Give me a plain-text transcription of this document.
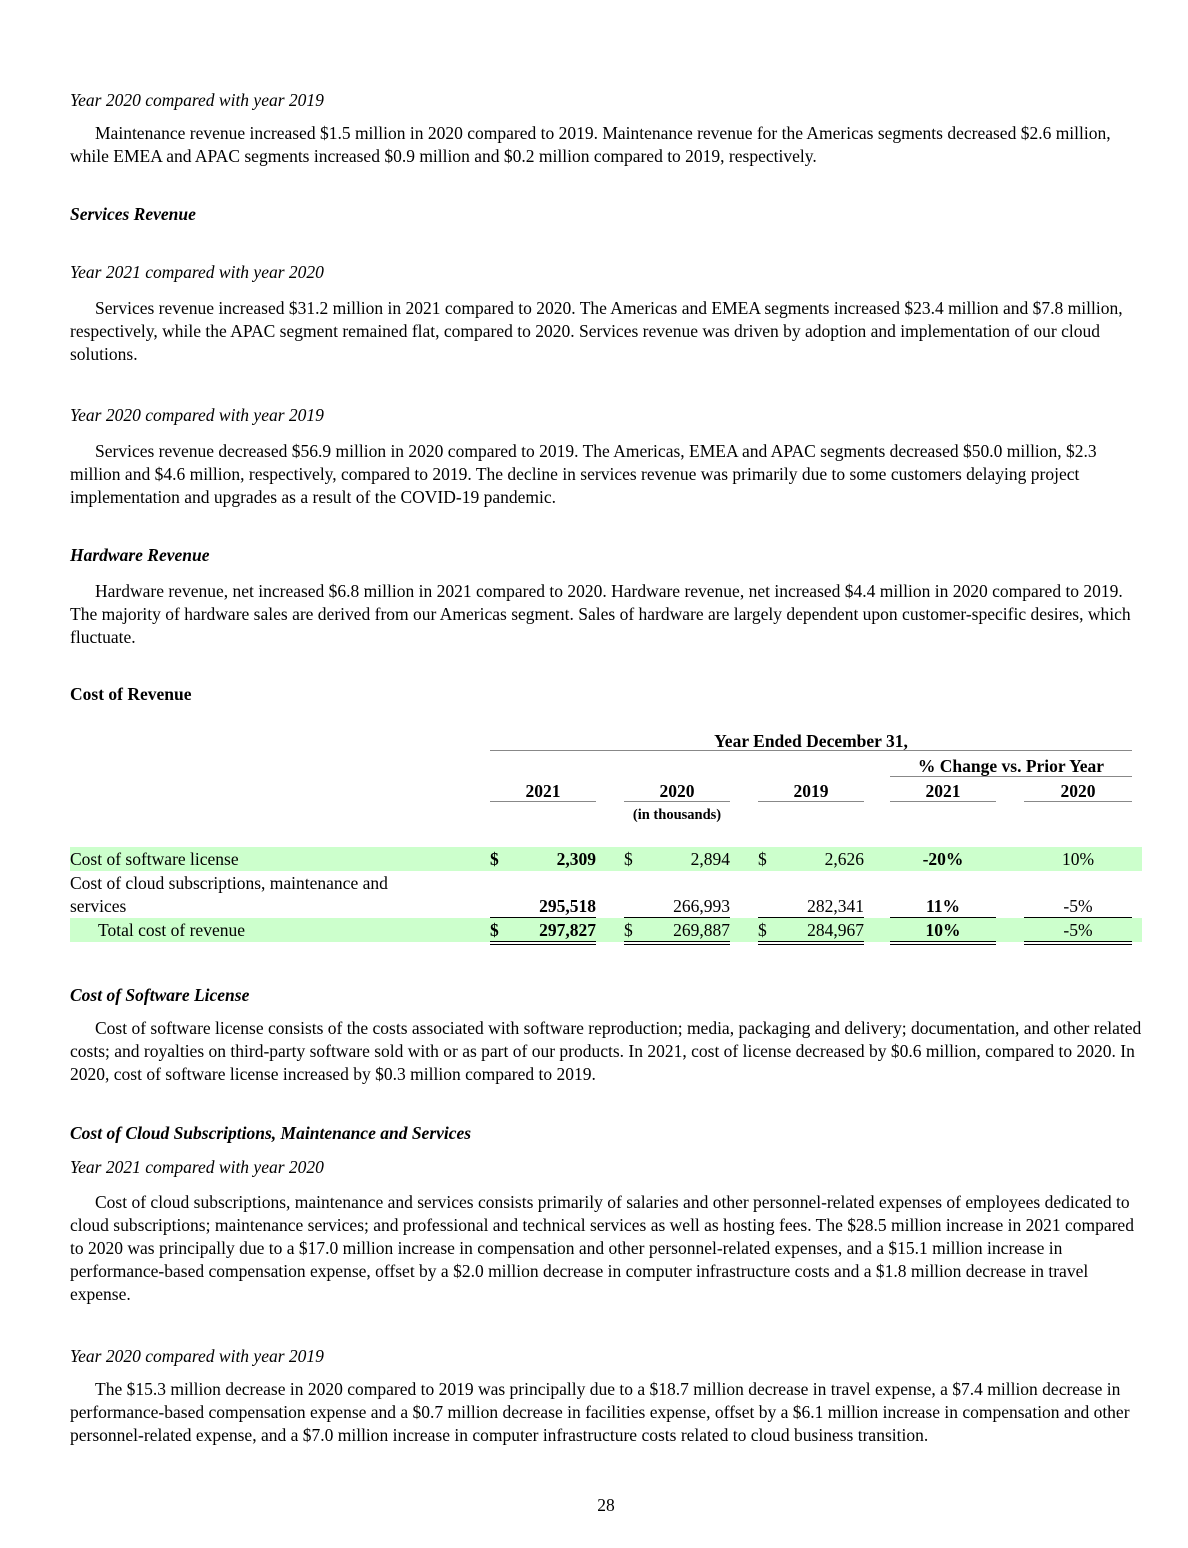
Year 2020 compared with year 2019
Maintenance revenue increased $1.5 million in 2020 compared to 2019. Maintenance revenue for the Americas segments decreased $2.6 million, while EMEA and APAC segments increased $0.9 million and $0.2 million compared to 2019, respectively.
Services Revenue
Year 2021 compared with year 2020
Services revenue increased $31.2 million in 2021 compared to 2020. The Americas and EMEA segments increased $23.4 million and $7.8 million, respectively, while the APAC segment remained flat, compared to 2020. Services revenue was driven by adoption and implementation of our cloud solutions.
Year 2020 compared with year 2019
Services revenue decreased $56.9 million in 2020 compared to 2019. The Americas, EMEA and APAC segments decreased $50.0 million, $2.3 million and $4.6 million, respectively, compared to 2019. The decline in services revenue was primarily due to some customers delaying project implementation and upgrades as a result of the COVID-19 pandemic.
Hardware Revenue
Hardware revenue, net increased $6.8 million in 2021 compared to 2020. Hardware revenue, net increased $4.4 million in 2020 compared to 2019. The majority of hardware sales are derived from our Americas segment. Sales of hardware are largely dependent upon customer-specific desires, which fluctuate.
Cost of Revenue
Year Ended December 31,
% Change vs. Prior Year
2021	2020	2019	2021	2020
(in thousands)
Cost of software license	$	2,309 $	2,894 $	2,626	-20%	10%
Cost of cloud subscriptions, maintenance and
services	295,518	266,993	282,341	11%	-5%
Total cost of revenue	$	297,827 $	269,887 $	284,967	10%	-5%
Cost of Software License
Cost of software license consists of the costs associated with software reproduction; media, packaging and delivery; documentation, and other related costs; and royalties on third-party software sold with or as part of our products. In 2021, cost of license decreased by $0.6 million, compared to 2020. In 2020, cost of software license increased by $0.3 million compared to 2019.
Cost of Cloud Subscriptions, Maintenance and Services
Year 2021 compared with year 2020
Cost of cloud subscriptions, maintenance and services consists primarily of salaries and other personnel-related expenses of employees dedicated to cloud subscriptions; maintenance services; and professional and technical services as well as hosting fees. The $28.5 million increase in 2021 compared to 2020 was principally due to a $17.0 million increase in compensation and other personnel-related expenses, and a $15.1 million increase in performance-based compensation expense, offset by a $2.0 million decrease in computer infrastructure costs and a $1.8 million decrease in travel expense.
Year 2020 compared with year 2019
The $15.3 million decrease in 2020 compared to 2019 was principally due to a $18.7 million decrease in travel expense, a $7.4 million decrease in performance-based compensation expense and a $0.7 million decrease in facilities expense, offset by a $6.1 million increase in compensation and other personnel-related expense, and a $7.0 million increase in computer infrastructure costs related to cloud business transition.
28
